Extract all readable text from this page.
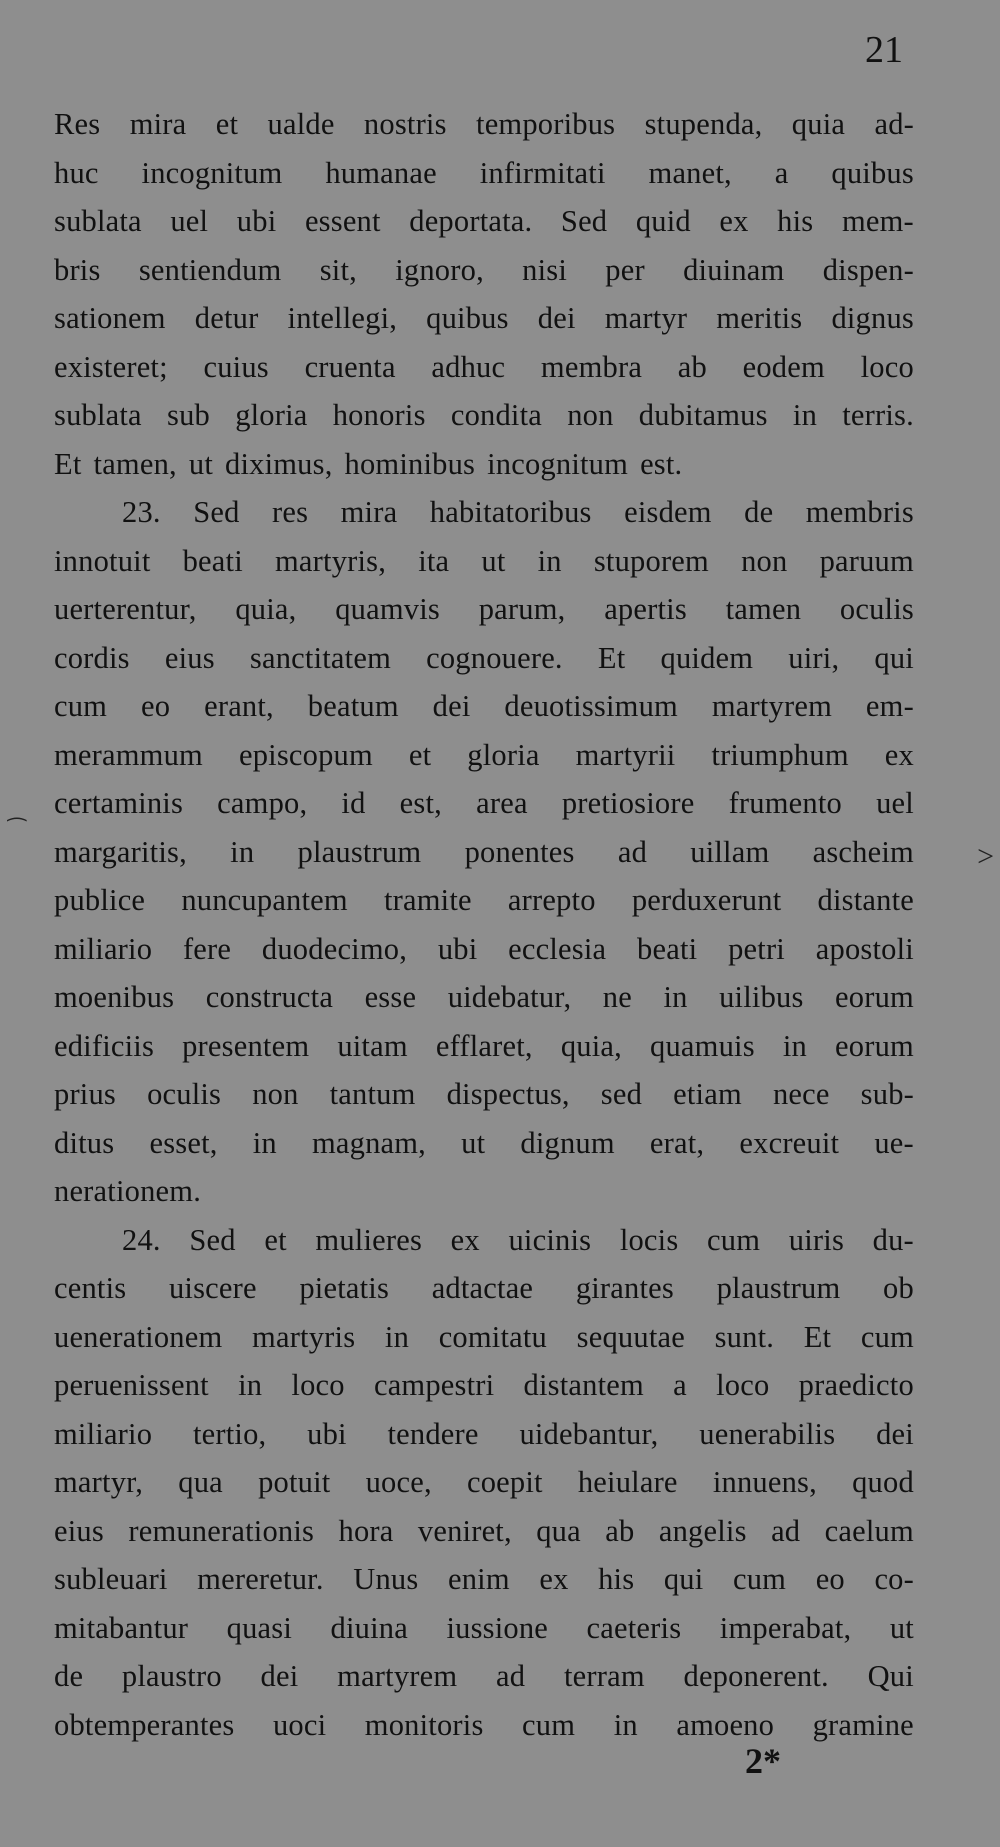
21
⁀
>
Res mira et ualde nostris temporibus stupenda, quia ad-
huc incognitum humanae infirmitati manet, a quibus
sublata uel ubi essent deportata. Sed quid ex his mem-
bris sentiendum sit, ignoro, nisi per diuinam dispen-
sationem detur intellegi, quibus dei martyr meritis dignus
existeret; cuius cruenta adhuc membra ab eodem loco
sublata sub gloria honoris condita non dubitamus in terris.
Et tamen, ut diximus, hominibus incognitum est.
23. Sed res mira habitatoribus eisdem de membris
innotuit beati martyris, ita ut in stuporem non paruum
uerterentur, quia, quamvis parum, apertis tamen oculis
cordis eius sanctitatem cognouere. Et quidem uiri, qui
cum eo erant, beatum dei deuotissimum martyrem em-
merammum episcopum et gloria martyrii triumphum ex
certaminis campo, id est, area pretiosiore frumento uel
margaritis, in plaustrum ponentes ad uillam ascheim
publice nuncupantem tramite arrepto perduxerunt distante
miliario fere duodecimo, ubi ecclesia beati petri apostoli
moenibus constructa esse uidebatur, ne in uilibus eorum
edificiis presentem uitam efflaret, quia, quamuis in eorum
prius oculis non tantum dispectus, sed etiam nece sub-
ditus esset, in magnam, ut dignum erat, excreuit ue-
nerationem.
24. Sed et mulieres ex uicinis locis cum uiris du-
centis uiscere pietatis adtactae girantes plaustrum ob
uenerationem martyris in comitatu sequutae sunt. Et cum
peruenissent in loco campestri distantem a loco praedicto
miliario tertio, ubi tendere uidebantur, uenerabilis dei
martyr, qua potuit uoce, coepit heiulare innuens, quod
eius remunerationis hora veniret, qua ab angelis ad caelum
subleuari mereretur. Unus enim ex his qui cum eo co-
mitabantur quasi diuina iussione caeteris imperabat, ut
de plaustro dei martyrem ad terram deponerent. Qui
obtemperantes uoci monitoris cum in amoeno gramine
2*
